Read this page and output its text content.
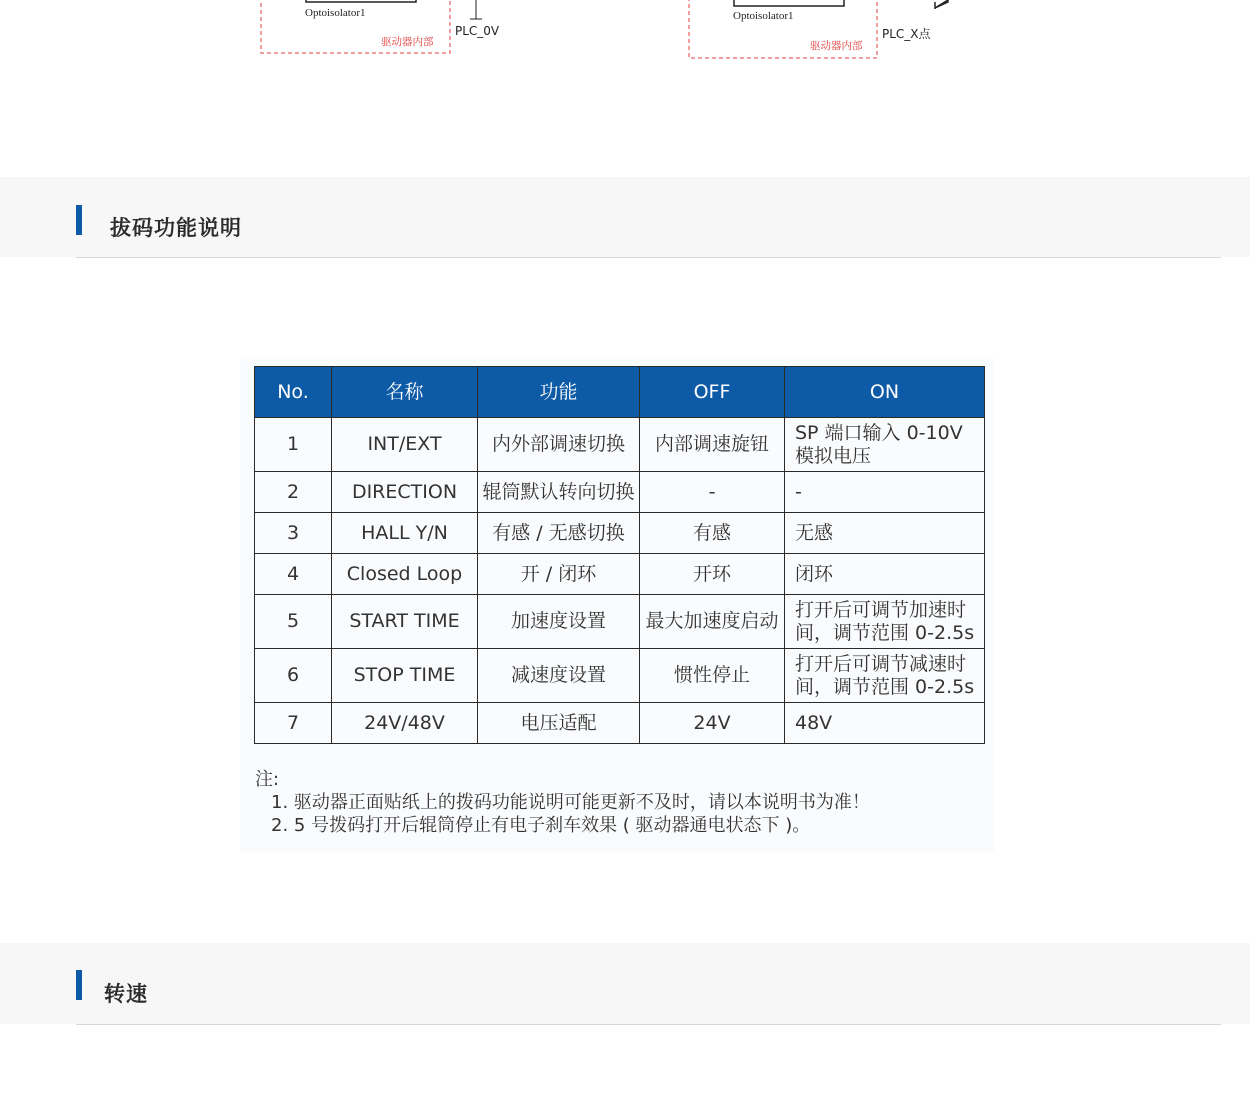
Optoisolator1
驱动器内部
PLC_0V
Optoisolator1
驱动器内部
PLC_X点
拔码功能说明
No.	名称	功能	OFF	ON
1	INT/EXT	内外部调速切换	内部调速旋钮	SP 端口输入 0-10V 模拟电压
2	DIRECTION	辊筒默认转向切换	-	-
3	HALL Y/N	有感 / 无感切换	有感	无感
4	Closed Loop	开 / 闭环	开环	闭环
5	START TIME	加速度设置	最大加速度启动	打开后可调节加速时间，调节范围 0-2.5s
6	STOP TIME	减速度设置	惯性停止	打开后可调节减速时间，调节范围 0-2.5s
7	24V/48V	电压适配	24V	48V
注:
1. 驱动器正面贴纸上的拨码功能说明可能更新不及时，请以本说明书为准！
2. 5 号拨码打开后辊筒停止有电子刹车效果 ( 驱动器通电状态下 )。
转速
